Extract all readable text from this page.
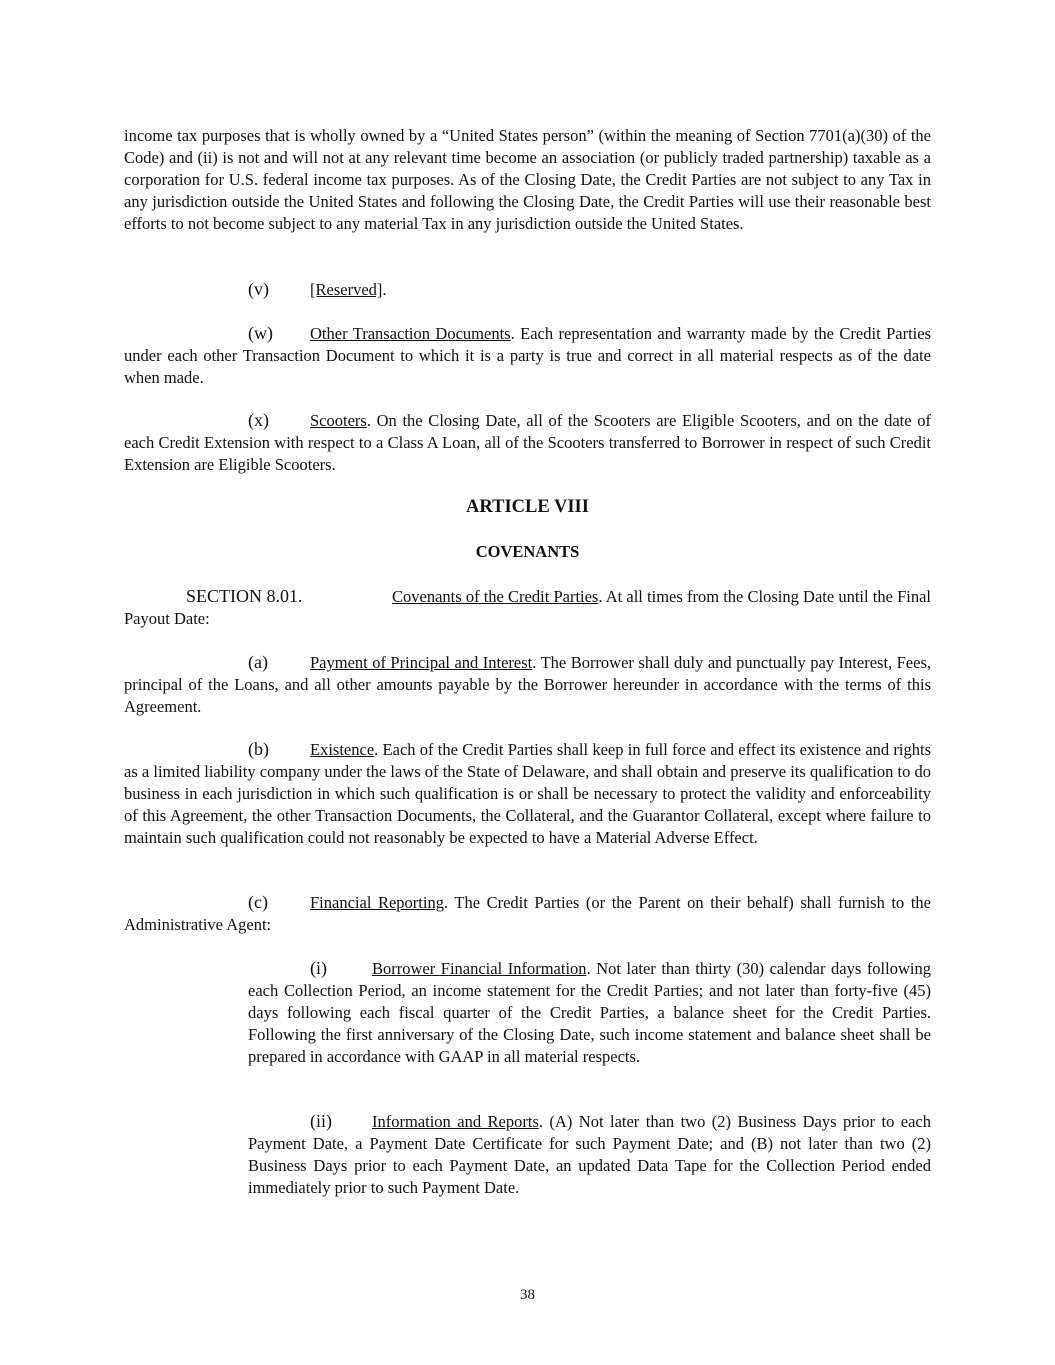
income tax purposes that is wholly owned by a “United States person” (within the meaning of Section 7701(a)(30) of the Code) and (ii) is not and will not at any relevant time become an association (or publicly traded partnership) taxable as a corporation for U.S. federal income tax purposes. As of the Closing Date, the Credit Parties are not subject to any Tax in any jurisdiction outside the United States and following the Closing Date, the Credit Parties will use their reasonable best efforts to not become subject to any material Tax in any jurisdiction outside the United States.

(v) [Reserved].

(w) Other Transaction Documents. Each representation and warranty made by the Credit Parties under each other Transaction Document to which it is a party is true and correct in all material respects as of the date when made.

(x) Scooters. On the Closing Date, all of the Scooters are Eligible Scooters, and on the date of each Credit Extension with respect to a Class A Loan, all of the Scooters transferred to Borrower in respect of such Credit Extension are Eligible Scooters.

ARTICLE VIII

COVENANTS

SECTION 8.01.	Covenants of the Credit Parties. At all times from the Closing Date until the Final Payout Date:

(a)	Payment of Principal and Interest. The Borrower shall duly and punctually pay Interest, Fees, principal of the Loans, and all other amounts payable by the Borrower hereunder in accordance with the terms of this Agreement.

(b) Existence. Each of the Credit Parties shall keep in full force and effect its existence and rights as a limited liability company under the laws of the State of Delaware, and shall obtain and preserve its qualification to do business in each jurisdiction in which such qualification is or shall be necessary to protect the validity and enforceability of this Agreement, the other Transaction Documents, the Collateral, and the Guarantor Collateral, except where failure to maintain such qualification could not reasonably be expected to have a Material Adverse Effect.

(c)	Financial Reporting. The Credit Parties (or the Parent on their behalf) shall furnish to the Administrative Agent:

(i)	Borrower Financial Information. Not later than thirty (30) calendar days following each Collection Period, an income statement for the Credit Parties; and not later than forty-five (45) days following each fiscal quarter of the Credit Parties, a balance sheet for the Credit Parties. Following the first anniversary of the Closing Date, such income statement and balance sheet shall be prepared in accordance with GAAP in all material respects.

(ii) Information and Reports. (A) Not later than two (2) Business Days prior to each Payment Date, a Payment Date Certificate for such Payment Date; and (B) not later than two (2) Business Days prior to each Payment Date, an updated Data Tape for the Collection Period ended immediately prior to such Payment Date.

38
